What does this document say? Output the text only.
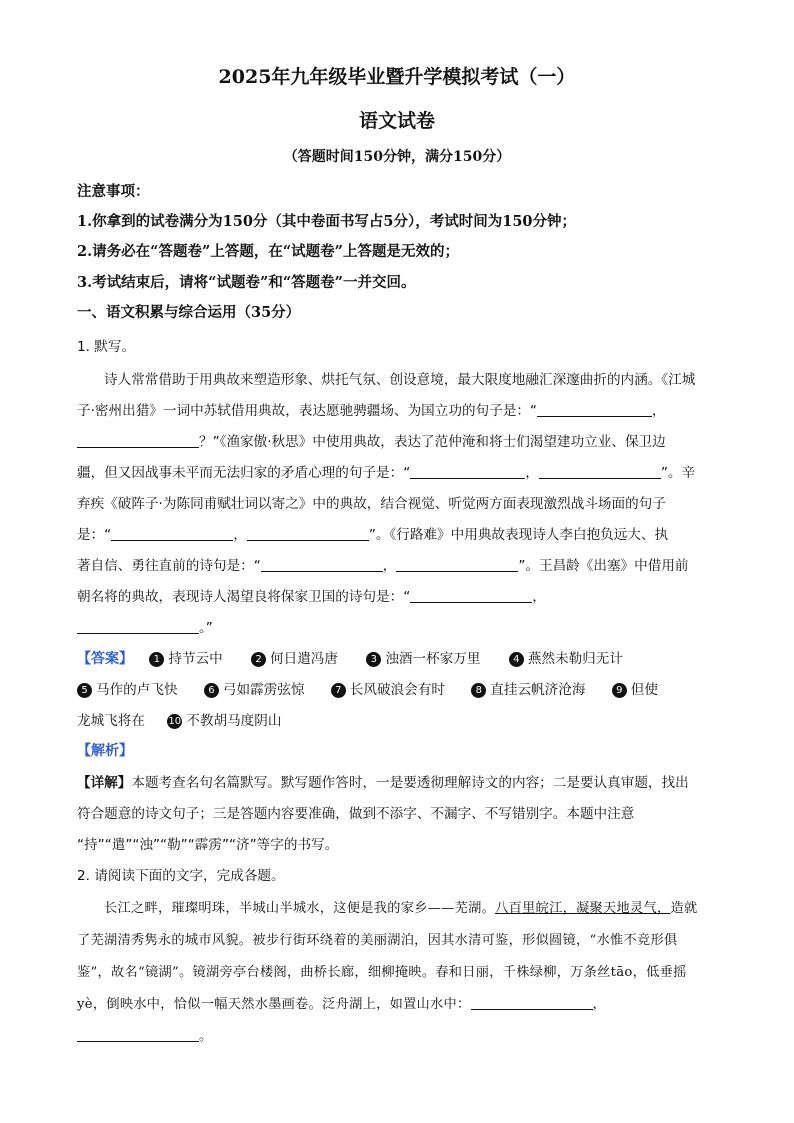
2025年九年级毕业暨升学模拟考试（一）
语文试卷
（答题时间150分钟，满分150分）
注意事项：
1.你拿到的试卷满分为150分（其中卷面书写占5分），考试时间为150分钟；
2.请务必在“答题卷”上答题，在“试题卷”上答题是无效的；
3.考试结束后，请将“试题卷”和“答题卷”一并交回。
一、语文积累与综合运用（35分）
1. 默写。
诗人常常借助于用典故来塑造形象、烘托气氛、创设意境，最大限度地融汇深邃曲折的内涵。《江城
子·密州出猎》一词中苏轼借用典故，表达愿驰骋疆场、为国立功的句子是：“	，
？”《渔家傲·秋思》中使用典故，表达了范仲淹和将士们渴望建功立业、保卫边
疆，但又因战事未平而无法归家的矛盾心理的句子是：“	，	”。辛
弃疾《破阵子·为陈同甫赋壮词以寄之》中的典故，结合视觉、听觉两方面表现激烈战斗场面的句子
是：“	，	”。《行路难》中用典故表现诗人李白抱负远大、执
著自信、勇往直前的诗句是：“	，	”。王昌龄《出塞》中借用前
朝名将的典故，表现诗人渴望良将保家卫国的诗句是：“	，
。”
【答案】 1 持节云中	2 何日遣冯唐	3 浊酒一杯家万里	4 燕然未勒归无计
5 马作的卢飞快	6 弓如霹雳弦惊	7 长风破浪会有时	8 直挂云帆济沧海	9 但使
龙城飞将在 10 不教胡马度阴山
【解析】
【详解】本题考查名句名篇默写。默写题作答时，一是要透彻理解诗文的内容；二是要认真审题，找出
符合题意的诗文句子；三是答题内容要准确，做到不添字、不漏字、不写错别字。本题中注意
“持”“遣”“浊”“勒”“霹雳”“济”等字的书写。
2. 请阅读下面的文字，完成各题。
长江之畔，璀璨明珠，半城山半城水，这便是我的家乡——芜湖。八百里皖江，凝聚天地灵气，造就
了芜湖清秀隽永的城市风貌。被步行街环绕着的美丽湖泊，因其水清可鉴，形似圆镜，“水惟不竞形俱
鉴”，故名“镜湖”。镜湖旁亭台楼阁，曲桥长廊，细柳掩映。春和日丽，千株绿柳，万条丝tāo，低垂摇
yè，倒映水中，恰似一幅天然水墨画卷。泛舟湖上，如置山水中：	，
。
